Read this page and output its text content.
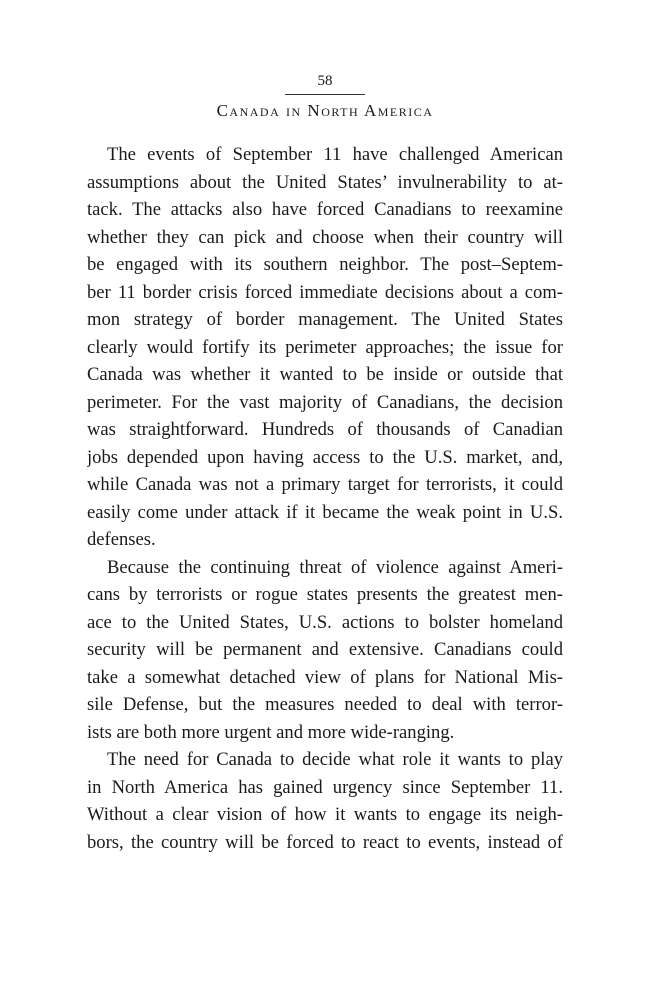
58
Canada in North America
The events of September 11 have challenged American
assumptions about the United States’ invulnerability to at-
tack. The attacks also have forced Canadians to reexamine
whether they can pick and choose when their country will
be engaged with its southern neighbor. The post–Septem-
ber 11 border crisis forced immediate decisions about a com-
mon strategy of border management. The United States
clearly would fortify its perimeter approaches; the issue for
Canada was whether it wanted to be inside or outside that
perimeter. For the vast majority of Canadians, the decision
was straightforward. Hundreds of thousands of Canadian
jobs depended upon having access to the U.S. market, and,
while Canada was not a primary target for terrorists, it could
easily come under attack if it became the weak point in U.S.
defenses.
Because the continuing threat of violence against Ameri-
cans by terrorists or rogue states presents the greatest men-
ace to the United States, U.S. actions to bolster homeland
security will be permanent and extensive. Canadians could
take a somewhat detached view of plans for National Mis-
sile Defense, but the measures needed to deal with terror-
ists are both more urgent and more wide-ranging.
The need for Canada to decide what role it wants to play
in North America has gained urgency since September 11.
Without a clear vision of how it wants to engage its neigh-
bors, the country will be forced to react to events, instead of
